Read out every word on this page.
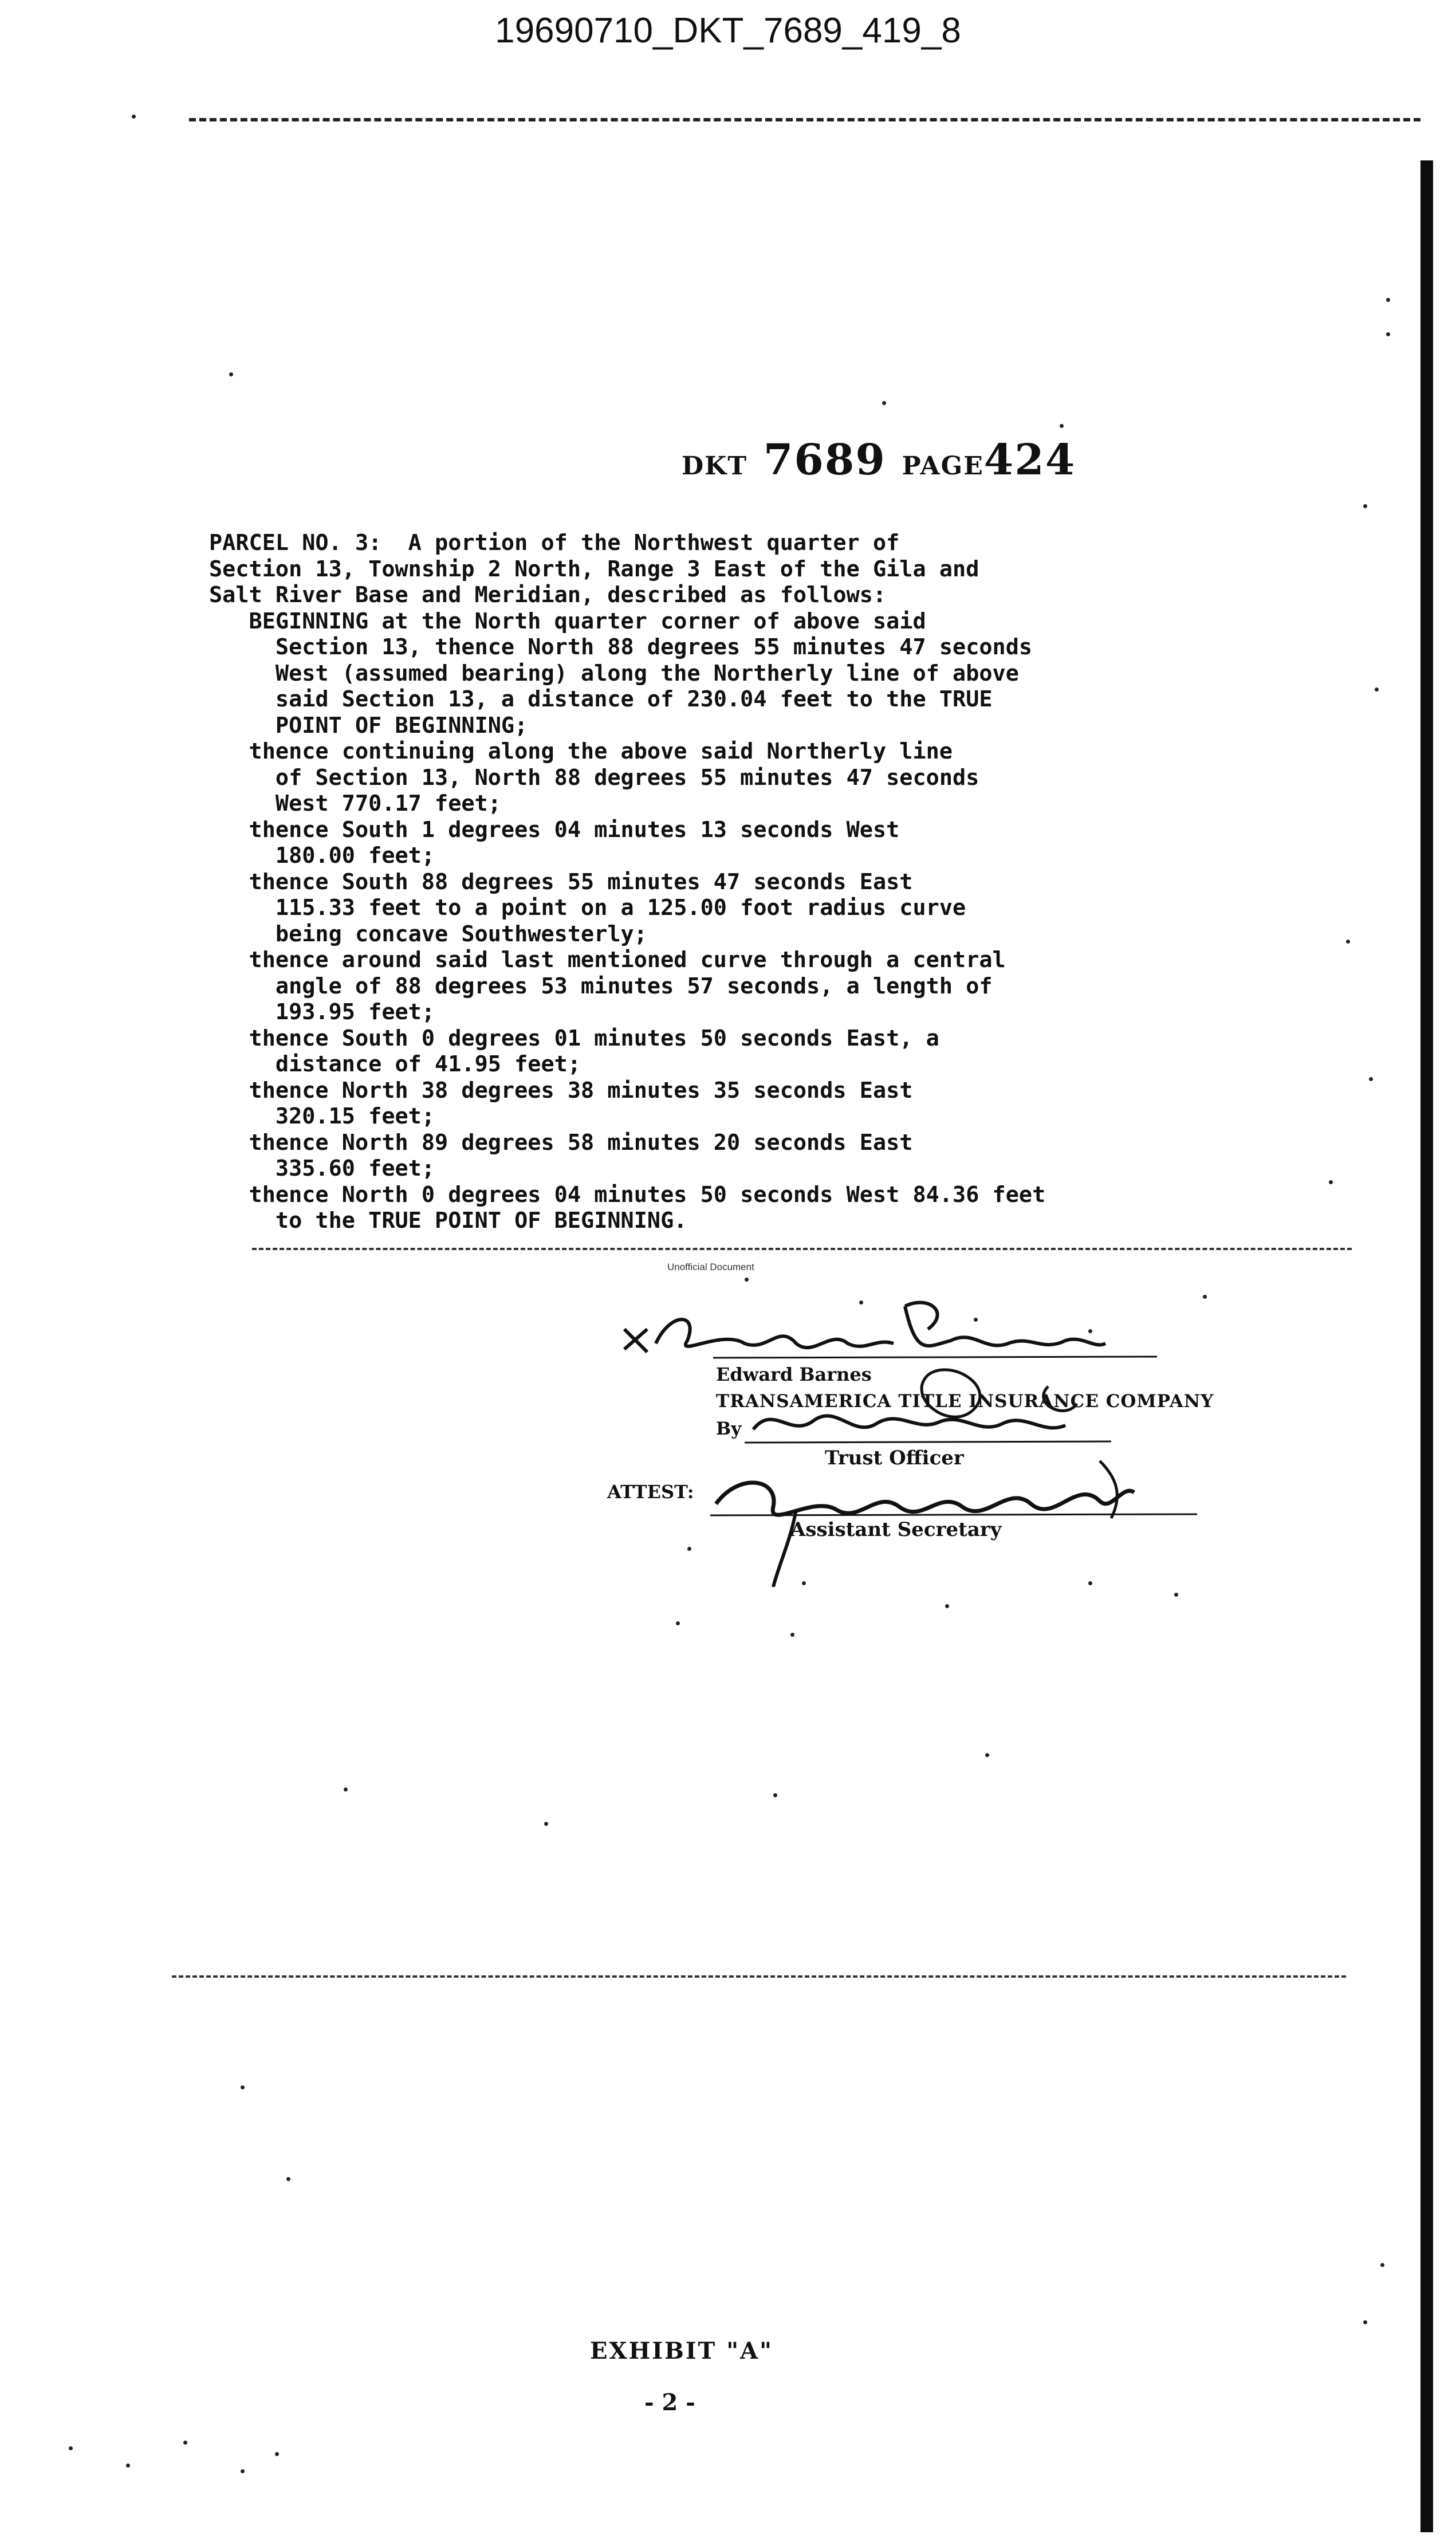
19690710_DKT_7689_419_8
DKT 7689 PAGE424
PARCEL NO. 3:  A portion of the Northwest quarter of
Section 13, Township 2 North, Range 3 East of the Gila and
Salt River Base and Meridian, described as follows:
BEGINNING at the North quarter corner of above said
Section 13, thence North 88 degrees 55 minutes 47 seconds
West (assumed bearing) along the Northerly line of above
said Section 13, a distance of 230.04 feet to the TRUE
POINT OF BEGINNING;
thence continuing along the above said Northerly line
of Section 13, North 88 degrees 55 minutes 47 seconds
West 770.17 feet;
thence South 1 degrees 04 minutes 13 seconds West
180.00 feet;
thence South 88 degrees 55 minutes 47 seconds East
115.33 feet to a point on a 125.00 foot radius curve
being concave Southwesterly;
thence around said last mentioned curve through a central
angle of 88 degrees 53 minutes 57 seconds, a length of
193.95 feet;
thence South 0 degrees 01 minutes 50 seconds East, a
distance of 41.95 feet;
thence North 38 degrees 38 minutes 35 seconds East
320.15 feet;
thence North 89 degrees 58 minutes 20 seconds East
335.60 feet;
thence North 0 degrees 04 minutes 50 seconds West 84.36 feet
to the TRUE POINT OF BEGINNING.
Unofficial Document
Edward Barnes
TRANSAMERICA TITLE INSURANCE COMPANY
By
Trust Officer
ATTEST:
Assistant Secretary
EXHIBIT "A"
- 2 -
